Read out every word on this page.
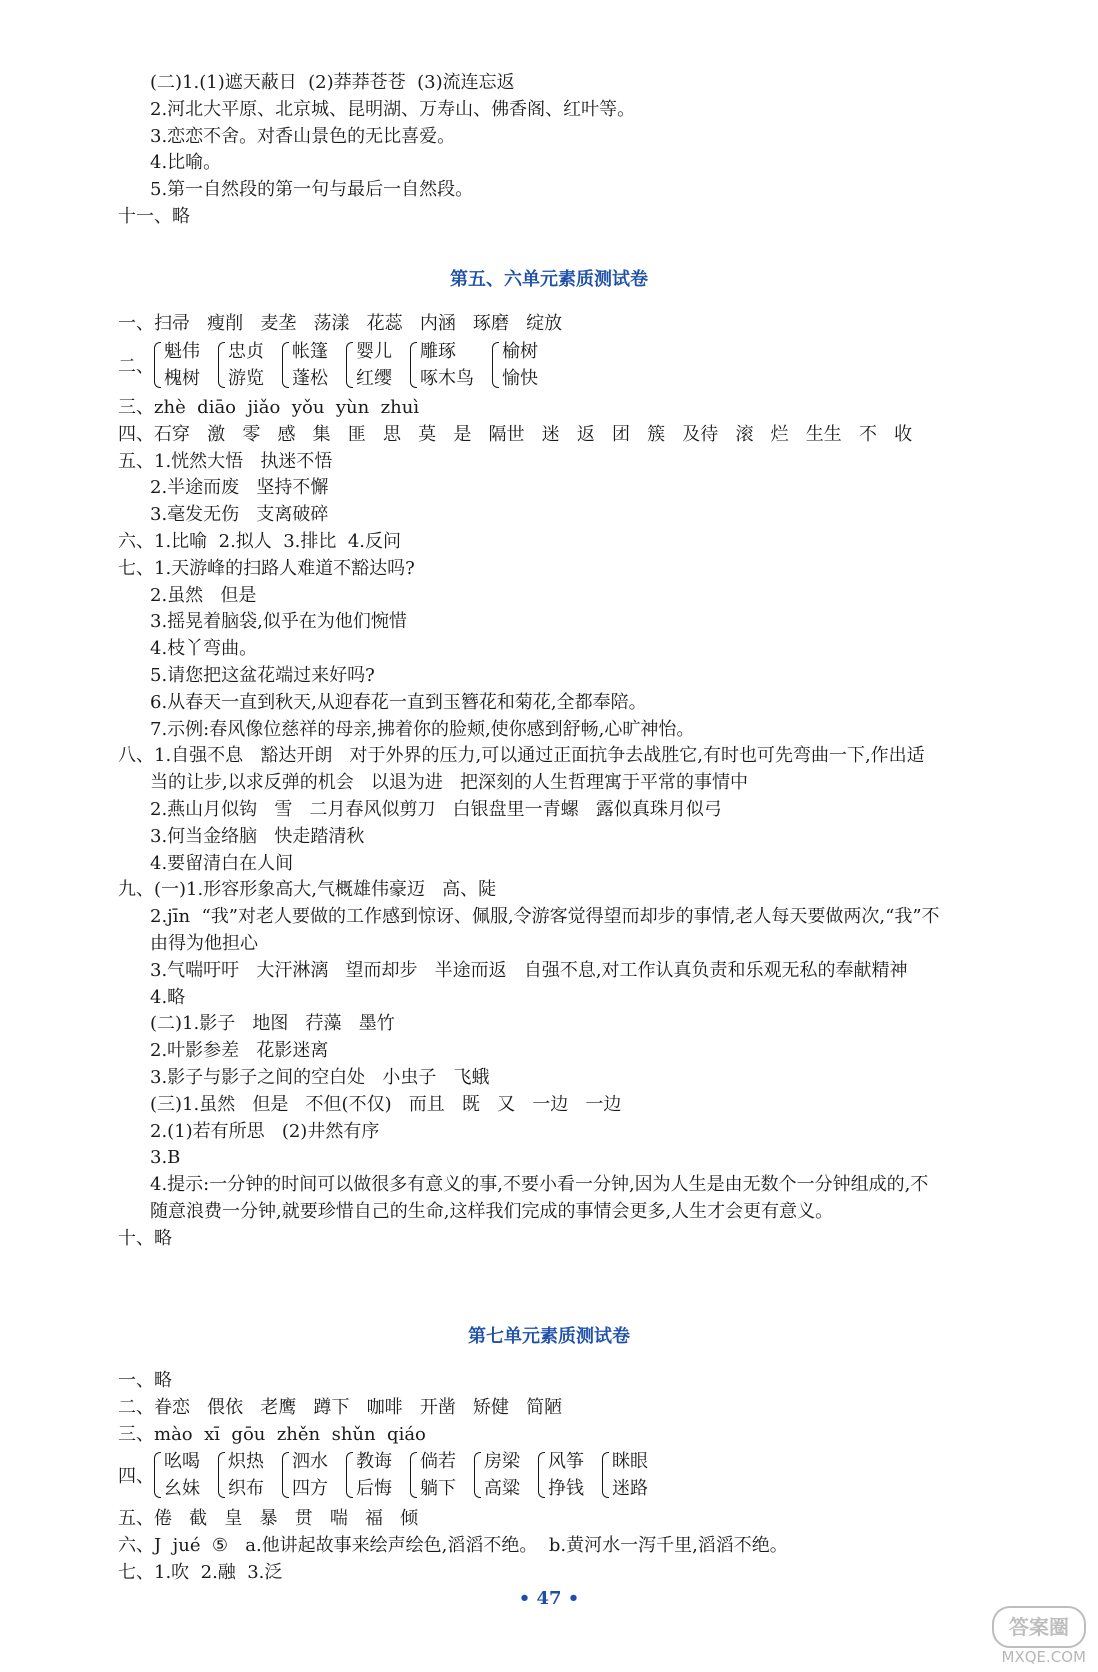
(二)1.(1)遮天蔽日  (2)莽莽苍苍  (3)流连忘返
2.河北大平原、北京城、昆明湖、万寿山、佛香阁、红叶等。
3.恋恋不舍。对香山景色的无比喜爱。
4.比喻。
5.第一自然段的第一句与最后一自然段。
十一、略
第五、六单元素质测试卷
一、扫帚   瘦削   麦垄   荡漾   花蕊   内涵   琢磨   绽放
二、
魁伟
槐树
忠贞
游览
帐篷
蓬松
婴儿
红缨
雕琢
啄木鸟
榆树
愉快
三、zhè  diāo  jiǎo  yǒu  yùn  zhuì
四、石穿   激   零   感   集   匪   思   莫   是   隔世   迷   返   团   簇   及待   滚   烂   生生   不   收
五、1.恍然大悟   执迷不悟
2.半途而废   坚持不懈
3.毫发无伤   支离破碎
六、1.比喻  2.拟人  3.排比  4.反问
七、1.天游峰的扫路人难道不豁达吗?
2.虽然   但是
3.摇晃着脑袋,似乎在为他们惋惜
4.枝丫弯曲。
5.请您把这盆花端过来好吗?
6.从春天一直到秋天,从迎春花一直到玉簪花和菊花,全都奉陪。
7.示例:春风像位慈祥的母亲,拂着你的脸颊,使你感到舒畅,心旷神怡。
八、1.自强不息   豁达开朗   对于外界的压力,可以通过正面抗争去战胜它,有时也可先弯曲一下,作出适
当的让步,以求反弹的机会   以退为进   把深刻的人生哲理寓于平常的事情中
2.燕山月似钩   雪   二月春风似剪刀   白银盘里一青螺   露似真珠月似弓
3.何当金络脑   快走踏清秋
4.要留清白在人间
九、(一)1.形容形象高大,气概雄伟豪迈   高、陡
2.jīn  “我”对老人要做的工作感到惊讶、佩服,令游客觉得望而却步的事情,老人每天要做两次,“我”不
由得为他担心
3.气喘吁吁   大汗淋漓   望而却步   半途而返   自强不息,对工作认真负责和乐观无私的奉献精神
4.略
(二)1.影子   地图   荇藻   墨竹
2.叶影参差   花影迷离
3.影子与影子之间的空白处   小虫子   飞蛾
(三)1.虽然   但是   不但(不仅)   而且   既   又   一边   一边
2.(1)若有所思   (2)井然有序
3.B
4.提示:一分钟的时间可以做很多有意义的事,不要小看一分钟,因为人生是由无数个一分钟组成的,不
随意浪费一分钟,就要珍惜自己的生命,这样我们完成的事情会更多,人生才会更有意义。
十、略
第七单元素质测试卷
一、略
二、眷恋   偎依   老鹰   蹲下   咖啡   开凿   矫健   简陋
三、mào  xī  gōu  zhěn  shǔn  qiáo
四、
吆喝
幺妹
炽热
织布
泗水
四方
教诲
后悔
倘若
躺下
房梁
高粱
风筝
挣钱
眯眼
迷路
五、倦   截   皇   暴   贯   喘   福   倾
六、J  jué  ⑤   a.他讲起故事来绘声绘色,滔滔不绝。  b.黄河水一泻千里,滔滔不绝。
七、1.吹  2.融  3.泛
• 47 •
答案圈
MXQE.COM
